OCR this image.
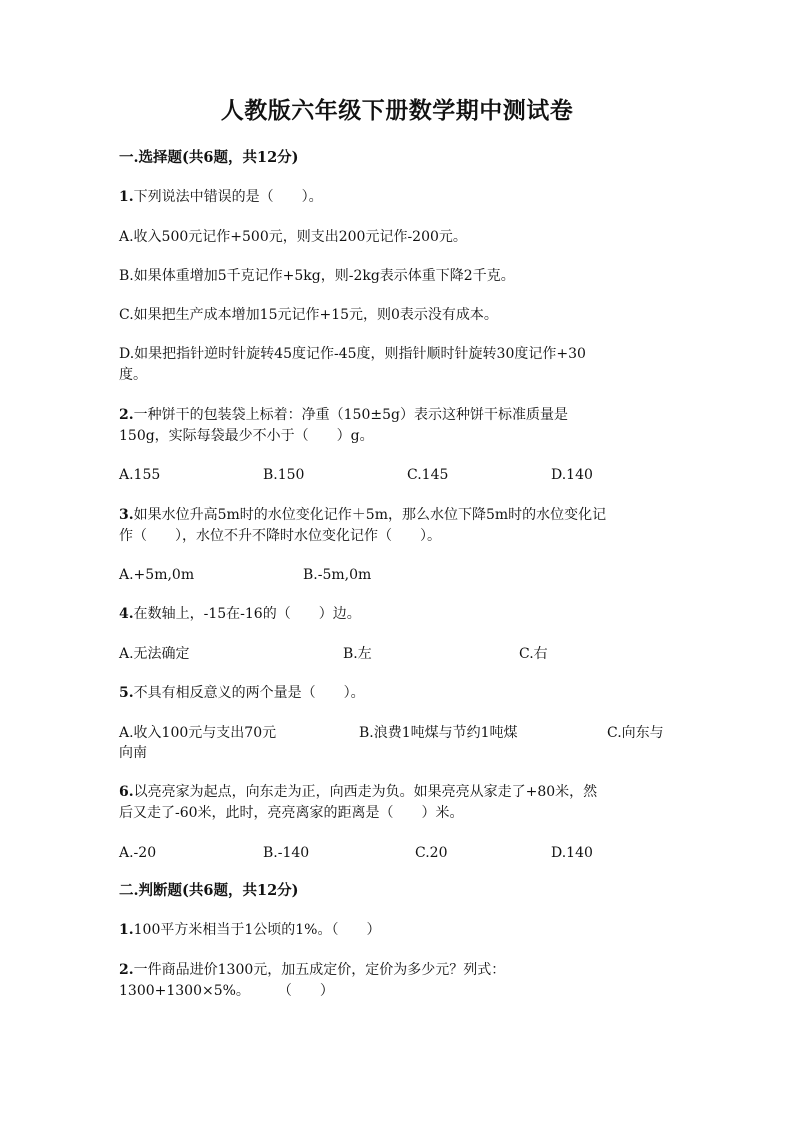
人教版六年级下册数学期中测试卷

一.选择题(共6题，共12分)

1.下列说法中错误的是（　　）。

A.收入500元记作+500元，则支出200元记作-200元。

B.如果体重增加5千克记作+5kg，则-2kg表示体重下降2千克。

C.如果把生产成本增加15元记作+15元，则0表示没有成本。

D.如果把指针逆时针旋转45度记作-45度，则指针顺时针旋转30度记作+30

度。

2.一种饼干的包装袋上标着：净重（150±5g）表示这种饼干标准质量是

150g，实际每袋最少不小于（　　）g。

A.155	B.150	C.145	D.140

3.如果水位升高5m时的水位变化记作＋5m，那么水位下降5m时的水位变化记

作（　　），水位不升不降时水位变化记作（　　）。

A.+5m,0m	B.-5m,0m

4.在数轴上，-15在-16的（　　）边。

A.无法确定	B.左	C.右

5.不具有相反意义的两个量是（　　）。

A.收入100元与支出70元	B.浪费1吨煤与节约1吨煤	C.向东与

向南

6.以亮亮家为起点，向东走为正，向西走为负。如果亮亮从家走了+80米，然

后又走了-60米，此时，亮亮离家的距离是（　　）米。

A.-20	B.-140	C.20	D.140

二.判断题(共6题，共12分)

1.100平方米相当于1公顷的1%。（　　）

2.一件商品进价1300元，加五成定价，定价为多少元？列式：

1300+1300×5%。　　　（　　）
